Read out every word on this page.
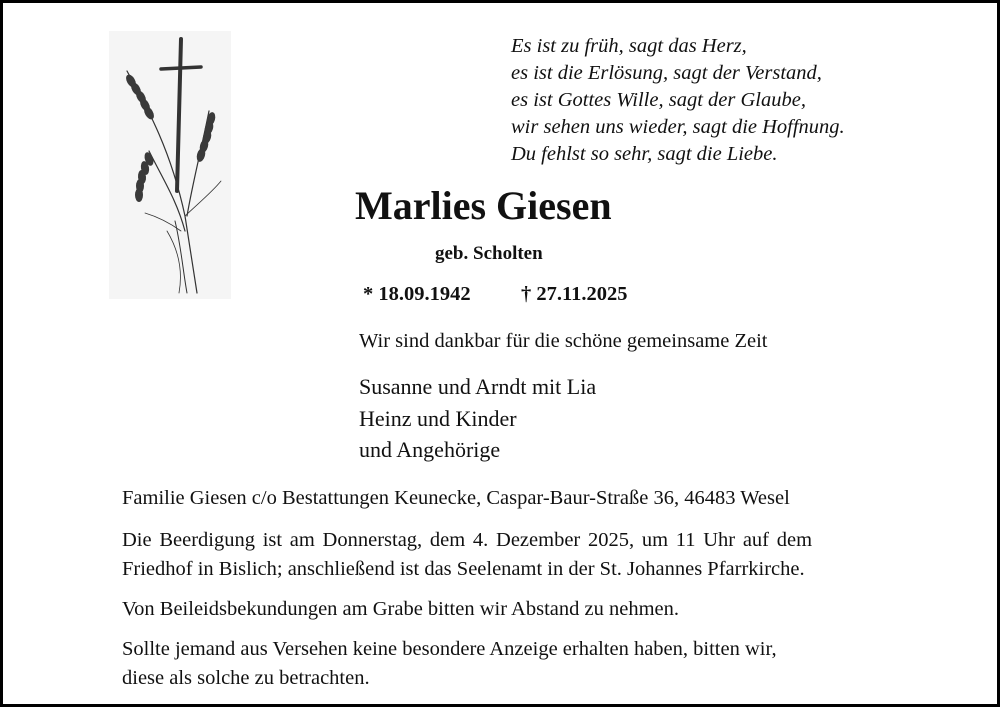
Es ist zu früh, sagt das Herz,
es ist die Erlösung, sagt der Verstand,
es ist Gottes Wille, sagt der Glaube,
wir sehen uns wieder, sagt die Hoffnung.
Du fehlst so sehr, sagt die Liebe.
Marlies Giesen
geb. Scholten
* 18.09.1942 † 27.11.2025
Wir sind dankbar für die schöne gemeinsame Zeit
Susanne und Arndt mit Lia
Heinz und Kinder
und Angehörige

Familie Giesen c/o Bestattungen Keunecke, Caspar-Baur-Straße 36, 46483 Wesel

Die Beerdigung ist am Donnerstag, dem 4. Dezember 2025, um 11 Uhr auf dem
Friedhof in Bislich; anschließend ist das Seelenamt in der St. Johannes Pfarrkirche.

Von Beileidsbekundungen am Grabe bitten wir Abstand zu nehmen.

Sollte jemand aus Versehen keine besondere Anzeige erhalten haben, bitten wir,
diese als solche zu betrachten.
